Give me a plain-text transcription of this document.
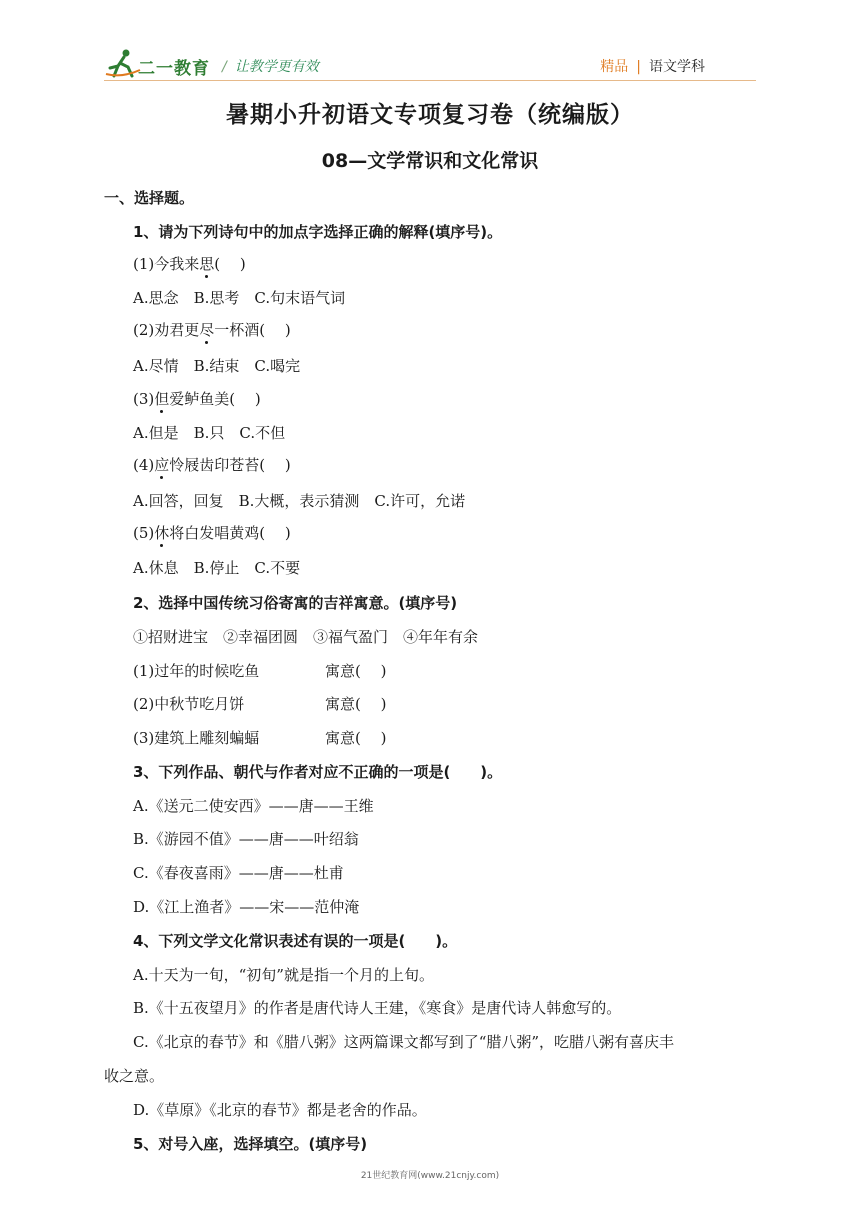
二一教育 / 让教学更有效	精品 | 语文学科
暑期小升初语文专项复习卷（统编版）
08—文学常识和文化常识
一、选择题。
1、请为下列诗句中的加点字选择正确的解释(填序号)。
(1)今我来思(　 )
A.思念　B.思考　C.句末语气词
(2)劝君更尽一杯酒(　 )
A.尽情　B.结束　C.喝完
(3)但爱鲈鱼美(　 )
A.但是　B.只　C.不但
(4)应怜屐齿印苍苔(　 )
A.回答，回复　B.大概，表示猜测　C.许可，允诺
(5)休将白发唱黄鸡(　 )
A.休息　B.停止　C.不要
2、选择中国传统习俗寄寓的吉祥寓意。(填序号)
①招财进宝　②幸福团圆　③福气盈门　④年年有余
(1)过年的时候吃鱼	寓意(　 )
(2)中秋节吃月饼	寓意(　 )
(3)建筑上雕刻蝙蝠	寓意(　 )
3、下列作品、朝代与作者对应不正确的一项是(　　)。
A.《送元二使安西》——唐——王维
B.《游园不值》——唐——叶绍翁
C.《春夜喜雨》——唐——杜甫
D.《江上渔者》——宋——范仲淹
4、下列文学文化常识表述有误的一项是(　　)。
A.十天为一旬，“初旬”就是指一个月的上旬。
B.《十五夜望月》的作者是唐代诗人王建，《寒食》是唐代诗人韩愈写的。
C.《北京的春节》和《腊八粥》这两篇课文都写到了“腊八粥”，吃腊八粥有喜庆丰
收之意。
D.《草原》《北京的春节》都是老舍的作品。
5、对号入座，选择填空。(填序号)
21世纪教育网(www.21cnjy.com)
